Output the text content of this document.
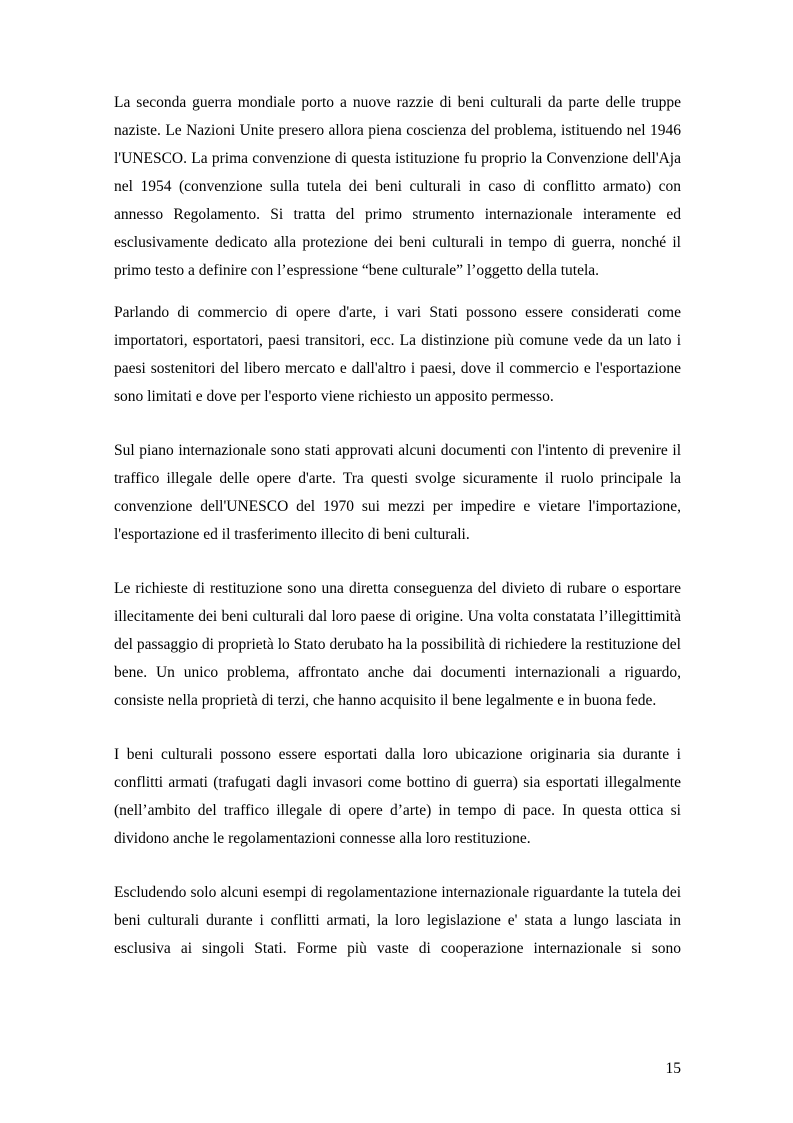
La seconda guerra mondiale porto a nuove razzie di beni culturali da parte delle truppe naziste. Le Nazioni Unite presero allora piena coscienza del problema, istituendo nel 1946 l'UNESCO. La prima convenzione di questa istituzione fu proprio la Convenzione dell'Aja nel 1954 (convenzione sulla tutela dei beni culturali in caso di conflitto armato) con annesso Regolamento. Si tratta del primo strumento internazionale interamente ed esclusivamente dedicato alla protezione dei beni culturali in tempo di guerra, nonché il primo testo a definire con l’espressione “bene culturale” l’oggetto della tutela.

Parlando di commercio di opere d'arte, i vari Stati possono essere considerati come importatori, esportatori, paesi transitori, ecc. La distinzione più comune vede da un lato i paesi sostenitori del libero mercato e dall'altro i paesi, dove il commercio e l'esportazione sono limitati e dove per l'esporto viene richiesto un apposito permesso.

Sul piano internazionale sono stati approvati alcuni documenti con l'intento di prevenire il traffico illegale delle opere d'arte. Tra questi svolge sicuramente il ruolo principale la convenzione dell'UNESCO del 1970 sui mezzi per impedire e vietare l'importazione, l'esportazione ed il trasferimento illecito di beni culturali.

Le richieste di restituzione sono una diretta conseguenza del divieto di rubare o esportare illecitamente dei beni culturali dal loro paese di origine. Una volta constatata l’illegittimità del passaggio di proprietà lo Stato derubato ha la possibilità di richiedere la restituzione del bene. Un unico problema, affrontato anche dai documenti internazionali a riguardo, consiste nella proprietà di terzi, che hanno acquisito il bene legalmente e in buona fede.

I beni culturali possono essere esportati dalla loro ubicazione originaria sia durante i conflitti armati (trafugati dagli invasori come bottino di guerra) sia esportati illegalmente (nell’ambito del traffico illegale di opere d’arte) in tempo di pace. In questa ottica si dividono anche le regolamentazioni connesse alla loro restituzione.

Escludendo solo alcuni esempi di regolamentazione internazionale riguardante la tutela dei beni culturali durante i conflitti armati, la loro legislazione e' stata a lungo lasciata in esclusiva ai singoli Stati. Forme più vaste di cooperazione internazionale si sono

15
